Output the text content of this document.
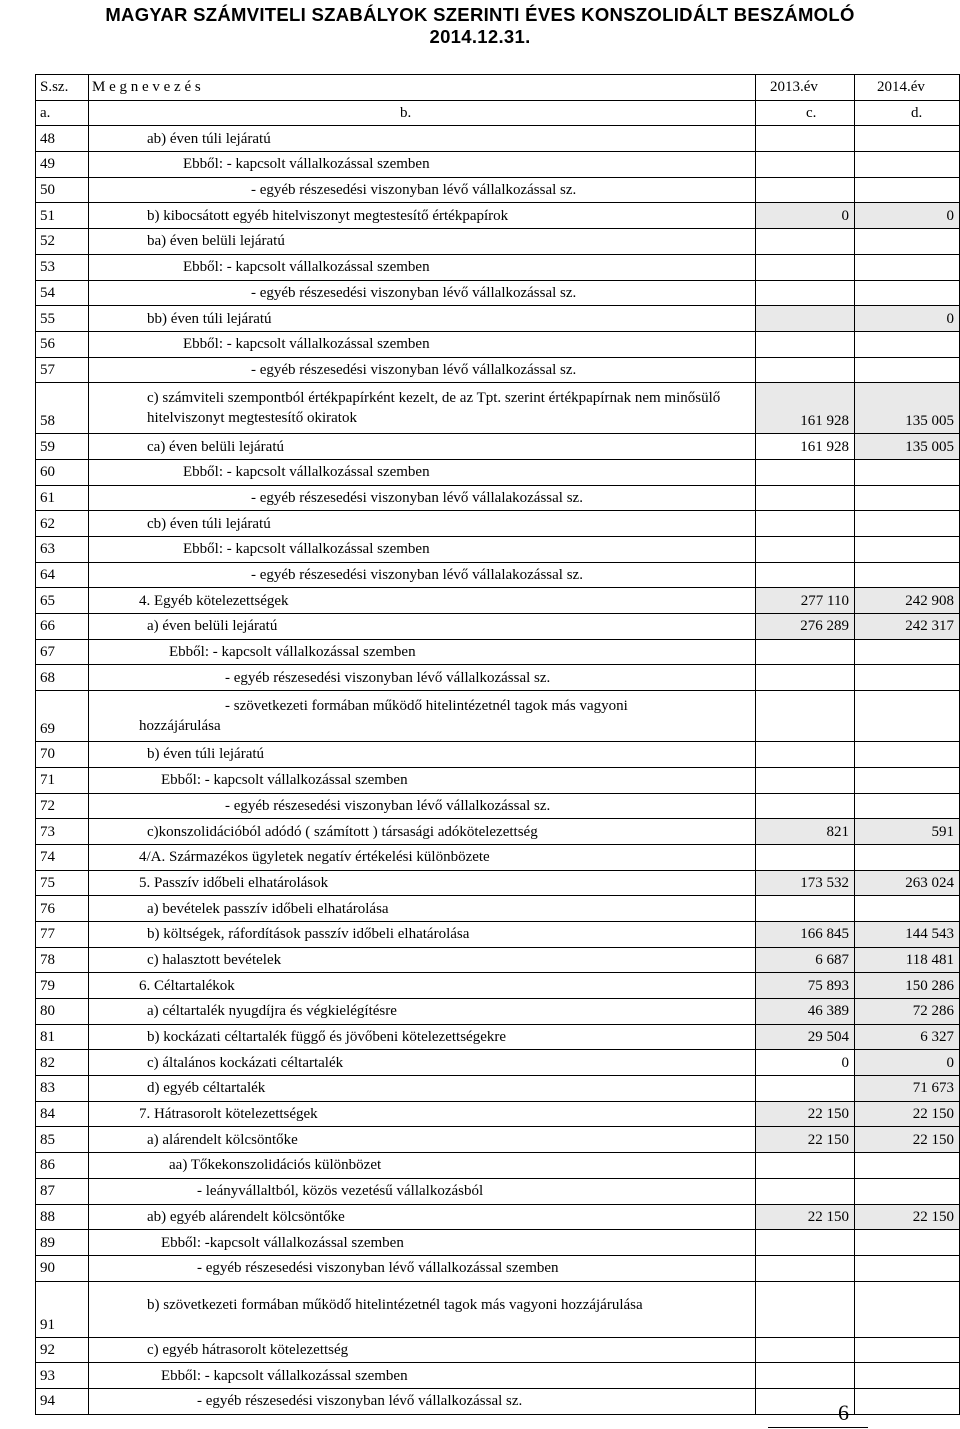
MAGYAR SZÁMVITELI SZABÁLYOK SZERINTI ÉVES KONSZOLIDÁLT BESZÁMOLÓ
2014.12.31.
S.sz.	M e g n e v e z é s	2013.év	2014.év
a.	b.	c.	d.
48	ab) éven túli lejáratú		
49	Ebből: - kapcsolt vállalkozással szemben		
50	- egyéb részesedési viszonyban lévő vállalkozással sz.		
51	b) kibocsátott egyéb hitelviszonyt megtestesítő értékpapírok	0	0
52	ba) éven belüli lejáratú		
53	Ebből: - kapcsolt vállalkozással szemben		
54	- egyéb részesedési viszonyban lévő vállalkozással sz.		
55	bb) éven túli lejáratú		0
56	Ebből: - kapcsolt vállalkozással szemben		
57	- egyéb részesedési viszonyban lévő vállalkozással sz.		
58	c) számviteli szempontból értékpapírként kezelt, de az Tpt. szerint értékpapírnak nem minősülő hitelviszonyt megtestesítő okiratok	161 928	135 005
59	ca) éven belüli lejáratú	161 928	135 005
60	Ebből: - kapcsolt vállalkozással szemben		
61	- egyéb részesedési viszonyban lévő vállalakozással sz.		
62	cb) éven túli lejáratú		
63	Ebből: - kapcsolt vállalkozással szemben		
64	- egyéb részesedési viszonyban lévő vállalakozással sz.		
65	4. Egyéb kötelezettségek	277 110	242 908
66	a) éven belüli lejáratú	276 289	242 317
67	Ebből: - kapcsolt vállalkozással szemben		
68	- egyéb részesedési viszonyban lévő vállalkozással sz.		
69	- szövetkezeti formában működő hitelintézetnél tagok más vagyoni
hozzájárulása		

70	b) éven túli lejáratú		
71	Ebből: - kapcsolt vállalkozással szemben		
72	- egyéb részesedési viszonyban lévő vállalkozással sz.		
73	c)konszolidációból adódó ( számított ) társasági adókötelezettség	821	591
74	4/A. Származékos ügyletek negatív értékelési különbözete		
75	5. Passzív időbeli elhatárolások	173 532	263 024
76	a) bevételek passzív időbeli elhatárolása		
77	b) költségek, ráfordítások passzív időbeli elhatárolása	166 845	144 543
78	c) halasztott bevételek	6 687	118 481
79	6. Céltartalékok	75 893	150 286
80	a) céltartalék nyugdíjra és végkielégítésre	46 389	72 286
81	b) kockázati céltartalék függő és jövőbeni kötelezettségekre	29 504	6 327
82	c) általános kockázati céltartalék	0	0
83	d) egyéb céltartalék		71 673
84	7. Hátrasorolt kötelezettségek	22 150	22 150
85	a) alárendelt kölcsöntőke	22 150	22 150
86	aa) Tőkekonszolidációs különbözet		
87	- leányvállaltból, közös vezetésű vállalkozásból		
88	ab) egyéb alárendelt kölcsöntőke	22 150	22 150
89	Ebből: -kapcsolt vállalkozással szemben		
90	- egyéb részesedési viszonyban lévő vállalkozással szemben		
91	b) szövetkezeti formában működő hitelintézetnél tagok más vagyoni hozzájárulása		
92	c) egyéb hátrasorolt kötelezettség		
93	Ebből: - kapcsolt vállalkozással szemben		
94	- egyéb részesedési viszonyban lévő vállalkozással sz.			6
